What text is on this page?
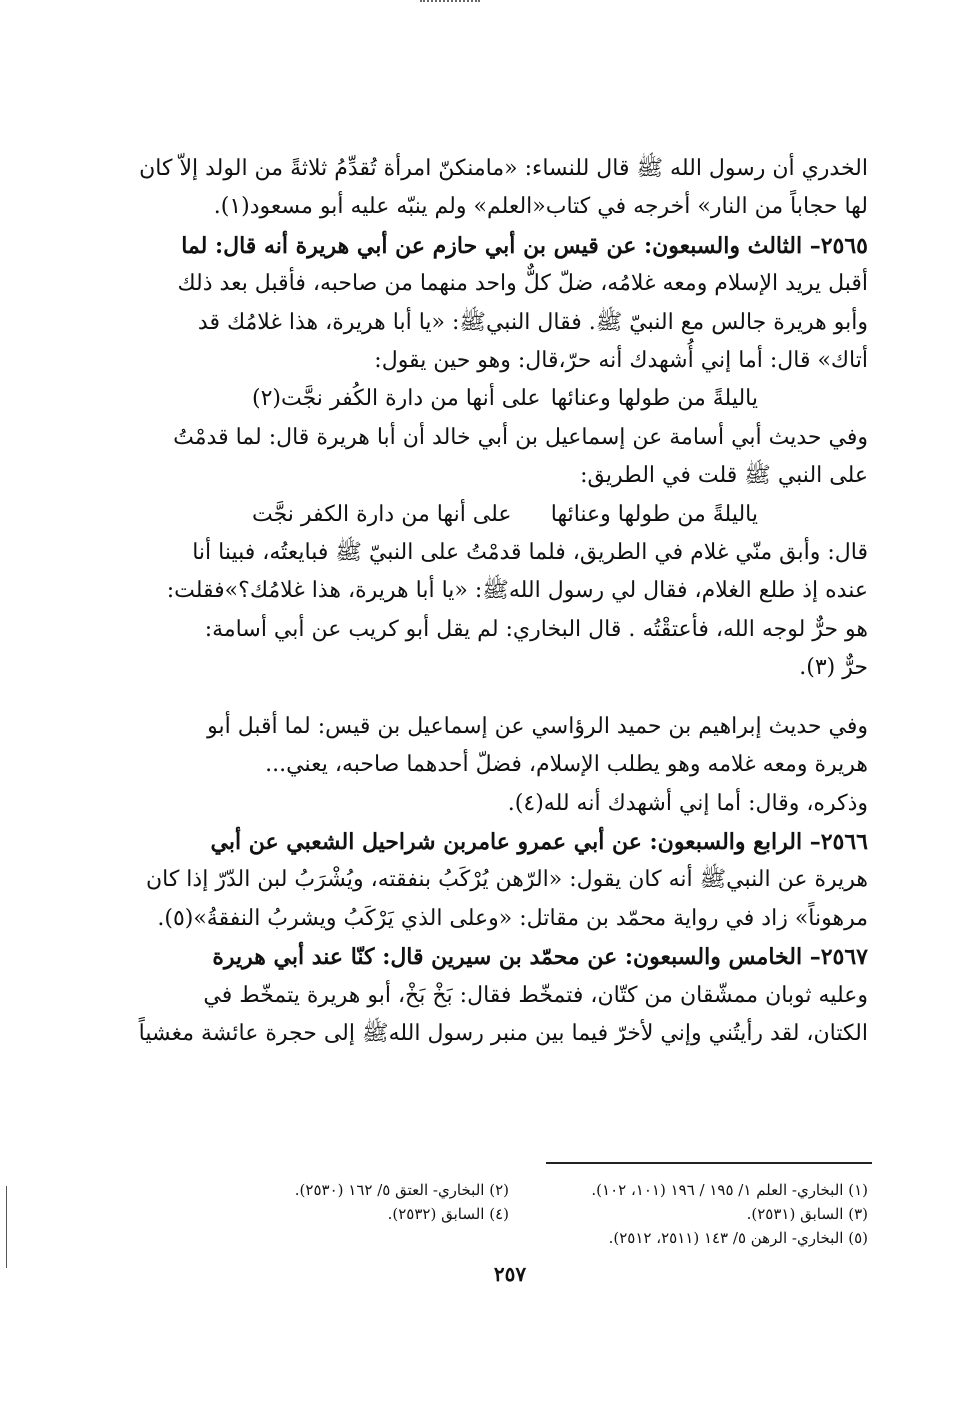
الخدري أن رسول الله ﷺ قال للنساء: «مامنكنّ امرأة تُقدِّمُ ثلاثةً من الولد إلاّ كان

لها حجاباً من النار» أخرجه في كتاب«العلم» ولم ينبّه عليه أبو مسعود(١).

٢٥٦٥– الثالث والسبعون: عن قيس بن أبي حازم عن أبي هريرة أنه قال: لما

أقبل يريد الإسلام ومعه غلامُه، ضلّ كلٌّ واحد منهما من صاحبه، فأقبل بعد ذلك

وأبو هريرة جالس مع النبيّ ﷺ. فقال النبيﷺ: «يا أبا هريرة، هذا غلامُك قد

أتاك» قال: أما إني أُشهدك أنه حرّ،قال: وهو حين يقول:

ياليلةً من طولها وعنائها
على أنها من دارة الكُفر نجَّت(٢)

وفي حديث أبي أسامة عن إسماعيل بن أبي خالد أن أبا هريرة قال: لما قدمْتُ

على النبي ﷺ قلت في الطريق:

ياليلةً من طولها وعنائها
على أنها من دارة الكفر نجَّت

قال: وأبق منّي غلام في الطريق، فلما قدمْتُ على النبيّ ﷺ فبايعتُه، فبينا أنا

عنده إذ طلع الغلام، فقال لي رسول اللهﷺ: «يا أبا هريرة، هذا غلامُك؟»فقلت:

هو حرٌّ لوجه الله، فأعتقْتُه . قال البخاري: لم يقل أبو كريب عن أبي أسامة:

حرٌّ (٣).

وفي حديث إبراهيم بن حميد الرؤاسي عن إسماعيل بن قيس: لما أقبل أبو

هريرة ومعه غلامه وهو يطلب الإسلام، فضلّ أحدهما صاحبه، يعني...

وذكره، وقال: أما إني أشهدك أنه لله(٤).

٢٥٦٦– الرابع والسبعون: عن أبي عمرو عامربن شراحيل الشعبي عن أبي

هريرة عن النبيﷺ أنه كان يقول: «الرّهن يُرْكَبُ بنفقته، ويُشْرَبُ لبن الدّرّ إذا كان

مرهوناً» زاد في رواية محمّد بن مقاتل: «وعلى الذي يَرْكَبُ ويشربُ النفقةُ»(٥).

٢٥٦٧– الخامس والسبعون: عن محمّد بن سيرين قال: كنّا عند أبي هريرة

وعليه ثوبان ممشّقان من كتّان، فتمخّط فقال: بَخْ بَخْ، أبو هريرة يتمخّط في

الكتان، لقد رأيتُني وإني لأخرّ فيما بين منبر رسول اللهﷺ إلى حجرة عائشة مغشياً

(١) البخاري- العلم ١/ ١٩٥ / ١٩٦ (١٠١، ١٠٢).
(٢) البخاري- العتق ٥/ ١٦٢ (٢٥٣٠).
(٣) السابق (٢٥٣١).
(٤) السابق (٢٥٣٢).
(٥) البخاري- الرهن ٥/ ١٤٣ (٢٥١١، ٢٥١٢).
٢٥٧
